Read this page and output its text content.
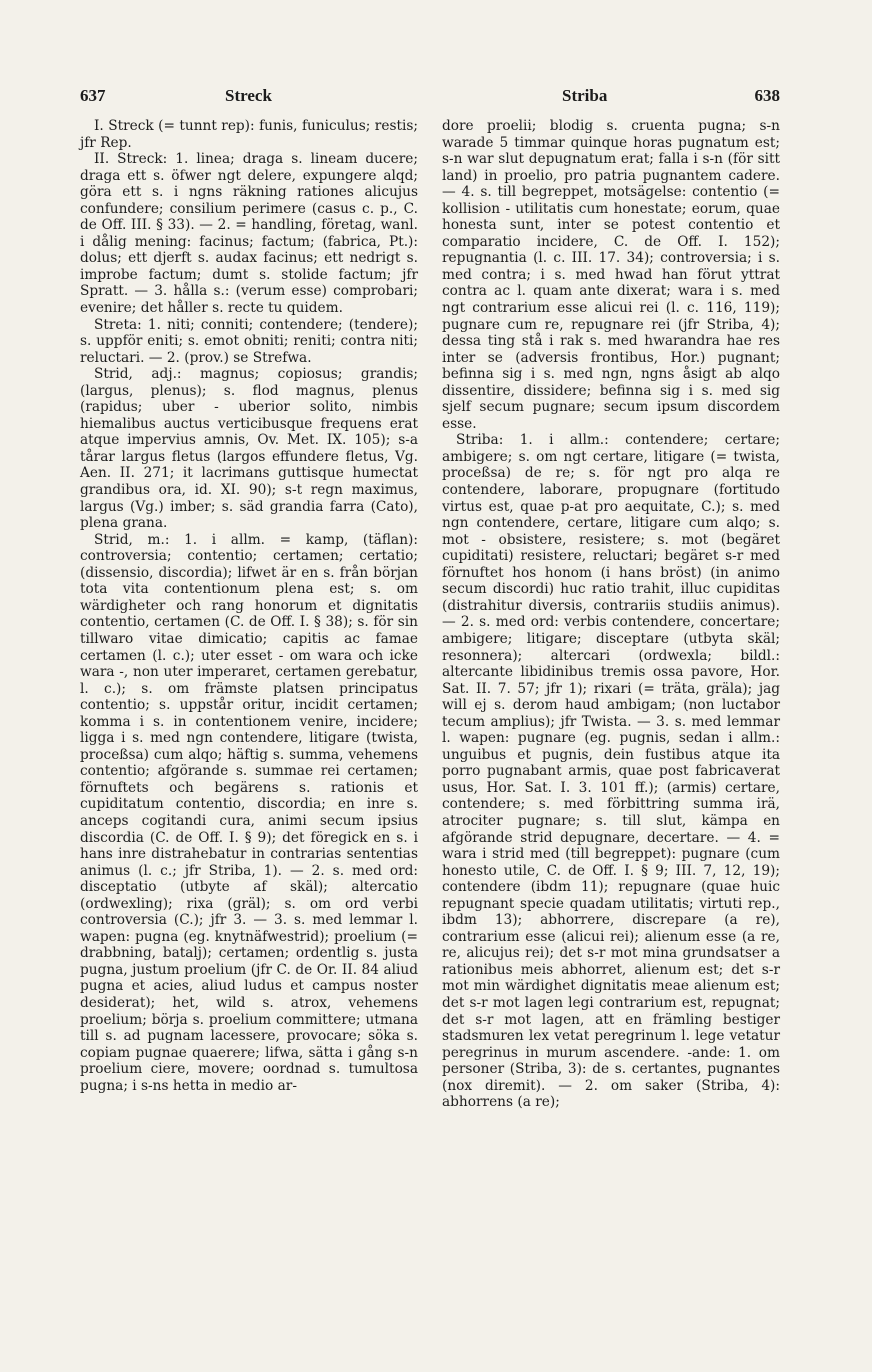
637	Streck	Striba	638

I. Streck (= tunnt rep): funis, funiculus; restis; jfr Rep.

II. Streck: 1. linea; draga s. lineam ducere; draga ett s. öfwer ngt delere, expungere alqd; göra ett s. i ngns räkning rationes alicujus confundere; consilium perimere (casus c. p., C. de Off. III. § 33). — 2. = handling, företag, wanl. i dålig mening: facinus; factum; (fabrica, Pt.): dolus; ett djerft s. audax facinus; ett nedrigt s. improbe factum; dumt s. stolide factum; jfr Spratt. — 3. hålla s.: (verum esse) comprobari; evenire; det håller s. recte tu quidem.

Streta: 1. niti; conniti; contendere; (tendere); s. uppför eniti; s. emot obniti; reniti; contra niti; reluctari. — 2. (prov.) se Strefwa.

Strid, adj.: magnus; copiosus; grandis; (largus, plenus); s. flod magnus, plenus (rapidus; uber - uberior solito, nimbis hiemalibus auctus verticibusque frequens erat atque impervius amnis, Ov. Met. IX. 105); s-a tårar largus fletus (largos effundere fletus, Vg. Aen. II. 271; it lacrimans guttisque humectat grandibus ora, id. XI. 90); s-t regn maximus, largus (Vg.) imber; s. säd grandia farra (Cato), plena grana.

Strid, m.: 1. i allm. = kamp, (täflan): controversia; contentio; certamen; certatio; (dissensio, discordia); lifwet är en s. från början tota vita contentionum plena est; s. om wärdigheter och rang honorum et dignitatis contentio, certamen (C. de Off. I. § 38); s. för sin tillwaro vitae dimicatio; capitis ac famae certamen (l. c.); uter esset - om wara och icke wara -, non uter imperaret, certamen gerebatur, l. c.); s. om främste platsen principatus contentio; s. uppstår oritur, incidit certamen; komma i s. in contentionem venire, incidere; ligga i s. med ngn contendere, litigare (twista, proceßsa) cum alqo; häftig s. summa, vehemens contentio; afgörande s. summae rei certamen; förnuftets och begärens s. rationis et cupiditatum contentio, discordia; en inre s. anceps cogitandi cura, animi secum ipsius discordia (C. de Off. I. § 9); det föregick en s. i hans inre distrahebatur in contrarias sententias animus (l. c.; jfr Striba, 1). — 2. s. med ord: disceptatio (utbyte af skäl); altercatio (ordwexling); rixa (gräl); s. om ord verbi controversia (C.); jfr 3. — 3. s. med lemmar l. wapen: pugna (eg. knytnäfwestrid); proelium (= drabbning, batalj); certamen; ordentlig s. justa pugna, justum proelium (jfr C. de Or. II. 84 aliud pugna et acies, aliud ludus et campus noster desiderat); het, wild s. atrox, vehemens proelium; börja s. proelium committere; utmana till s. ad pugnam lacessere, provocare; söka s. copiam pugnae quaerere; lifwa, sätta i gång s-n proelium ciere, movere; oordnad s. tumultosa pugna; i s-ns hetta in medio ar-

dore proelii; blodig s. cruenta pugna; s-n warade 5 timmar quinque horas pugnatum est; s-n war slut depugnatum erat; falla i s-n (för sitt land) in proelio, pro patria pugnantem cadere. — 4. s. till begreppet, motsägelse: contentio (= kollision - utilitatis cum honestate; eorum, quae honesta sunt, inter se potest contentio et comparatio incidere, C. de Off. I. 152); repugnantia (l. c. III. 17. 34); controversia; i s. med contra; i s. med hwad han förut yttrat contra ac l. quam ante dixerat; wara i s. med ngt contrarium esse alicui rei (l. c. 116, 119); pugnare cum re, repugnare rei (jfr Striba, 4); dessa ting stå i rak s. med hwarandra hae res inter se (adversis frontibus, Hor.) pugnant; befinna sig i s. med ngn, ngns åsigt ab alqo dissentire, dissidere; befinna sig i s. med sig sjelf secum pugnare; secum ipsum discordem esse.

Striba: 1. i allm.: contendere; certare; ambigere; s. om ngt certare, litigare (= twista, proceßsa) de re; s. för ngt pro alqa re contendere, laborare, propugnare (fortitudo virtus est, quae p-at pro aequitate, C.); s. med ngn contendere, certare, litigare cum alqo; s. mot - obsistere, resistere; s. mot (begäret cupiditati) resistere, reluctari; begäret s-r med förnuftet hos honom (i hans bröst) (in animo secum discordi) huc ratio trahit, illuc cupiditas (distrahitur diversis, contrariis studiis animus). — 2. s. med ord: verbis contendere, concertare; ambigere; litigare; disceptare (utbyta skäl; resonnera); altercari (ordwexla; bildl.: altercante libidinibus tremis ossa pavore, Hor. Sat. II. 7. 57; jfr 1); rixari (= träta, gräla); jag will ej s. derom haud ambigam; (non luctabor tecum amplius); jfr Twista. — 3. s. med lemmar l. wapen: pugnare (eg. pugnis, sedan i allm.: unguibus et pugnis, dein fustibus atque ita porro pugnabant armis, quae post fabricaverat usus, Hor. Sat. I. 3. 101 ff.); (armis) certare, contendere; s. med förbittring summa irä, atrociter pugnare; s. till slut, kämpa en afgörande strid depugnare, decertare. — 4. = wara i strid med (till begreppet): pugnare (cum honesto utile, C. de Off. I. § 9; III. 7, 12, 19); contendere (ibdm 11); repugnare (quae huic repugnant specie quadam utilitatis; virtuti rep., ibdm 13); abhorrere, discrepare (a re), contrarium esse (alicui rei); alienum esse (a re, re, alicujus rei); det s-r mot mina grundsatser a rationibus meis abhorret, alienum est; det s-r mot min wärdighet dignitatis meae alienum est; det s-r mot lagen legi contrarium est, repugnat; det s-r mot lagen, att en främling bestiger stadsmuren lex vetat peregrinum l. lege vetatur peregrinus in murum ascendere. -ande: 1. om personer (Striba, 3): de s. certantes, pugnantes (nox diremit). — 2. om saker (Striba, 4): abhorrens (a re);
